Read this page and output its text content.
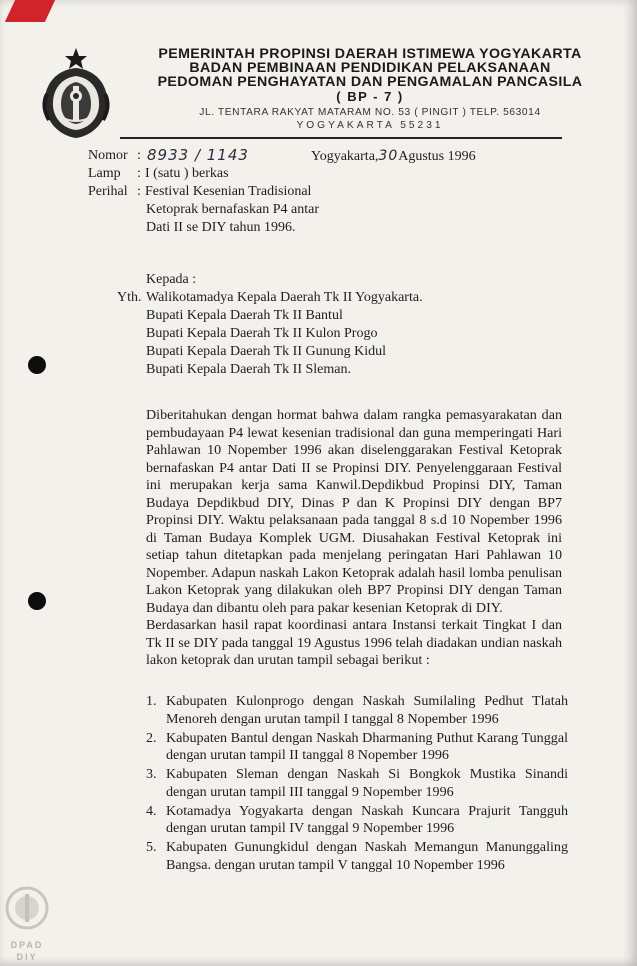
PEMERINTAH PROPINSI DAERAH ISTIMEWA YOGYAKARTA
BADAN PEMBINAAN PENDIDIKAN PELAKSANAAN
PEDOMAN PENGHAYATAN DAN PENGAMALAN PANCASILA
( BP - 7 )
JL. TENTARA RAKYAT MATARAM NO. 53 ( PINGIT ) TELP. 563014
YOGYAKARTA 55231
Nomor : 8933 / 1143	Yogyakarta,30Agustus 1996
Lamp : I (satu ) berkas
Perihal : Festival Kesenian Tradisional
Ketoprak bernafaskan P4 antar
Dati II se DIY tahun 1996.
Kepada :
Yth. Walikotamadya Kepala Daerah Tk II Yogyakarta.
Bupati Kepala Daerah Tk II Bantul
Bupati Kepala Daerah Tk II Kulon Progo
Bupati Kepala Daerah Tk II Gunung Kidul
Bupati Kepala Daerah Tk II Sleman.

Diberitahukan dengan hormat bahwa dalam rangka pemasyarakatan dan pembudayaan P4 lewat kesenian tradisional dan guna memperingati Hari Pahlawan 10 Nopember 1996 akan diselenggarakan Festival Ketoprak bernafaskan P4 antar Dati II se Propinsi DIY. Penyelenggaraan Festival ini merupakan kerja sama Kanwil.Depdikbud Propinsi DIY, Taman Budaya Depdikbud DIY, Dinas P dan K Propinsi DIY dengan BP7 Propinsi DIY. Waktu pelaksanaan pada tanggal 8 s.d 10 Nopember 1996 di Taman Budaya Komplek UGM. Diusahakan Festival Ketoprak ini setiap tahun ditetapkan pada menjelang peringatan Hari Pahlawan 10 Nopember. Adapun naskah Lakon Ketoprak adalah hasil lomba penulisan Lakon Ketoprak yang dilakukan oleh BP7 Propinsi DIY dengan Taman Budaya dan dibantu oleh para pakar kesenian Ketoprak di DIY.

Berdasarkan hasil rapat koordinasi antara Instansi terkait Tingkat I dan Tk II se DIY pada tanggal 19 Agustus 1996 telah diadakan undian naskah lakon ketoprak dan urutan tampil sebagai berikut :

1. Kabupaten Kulonprogo dengan Naskah Sumilaling Pedhut Tlatah Menoreh dengan urutan tampil I tanggal 8 Nopember 1996
2. Kabupaten Bantul dengan Naskah Dharmaning Puthut Karang Tunggal dengan urutan tampil II tanggal 8 Nopember 1996
3. Kabupaten Sleman dengan Naskah Si Bongkok Mustika Sinandi dengan urutan tampil III tanggal 9 Nopember 1996
4. Kotamadya Yogyakarta dengan Naskah Kuncara Prajurit Tangguh dengan urutan tampil IV tanggal 9 Nopember 1996
5. Kabupaten Gunungkidul dengan Naskah Memangun Manunggaling Bangsa. dengan urutan tampil V tanggal 10 Nopember 1996
DPAD
DIY
